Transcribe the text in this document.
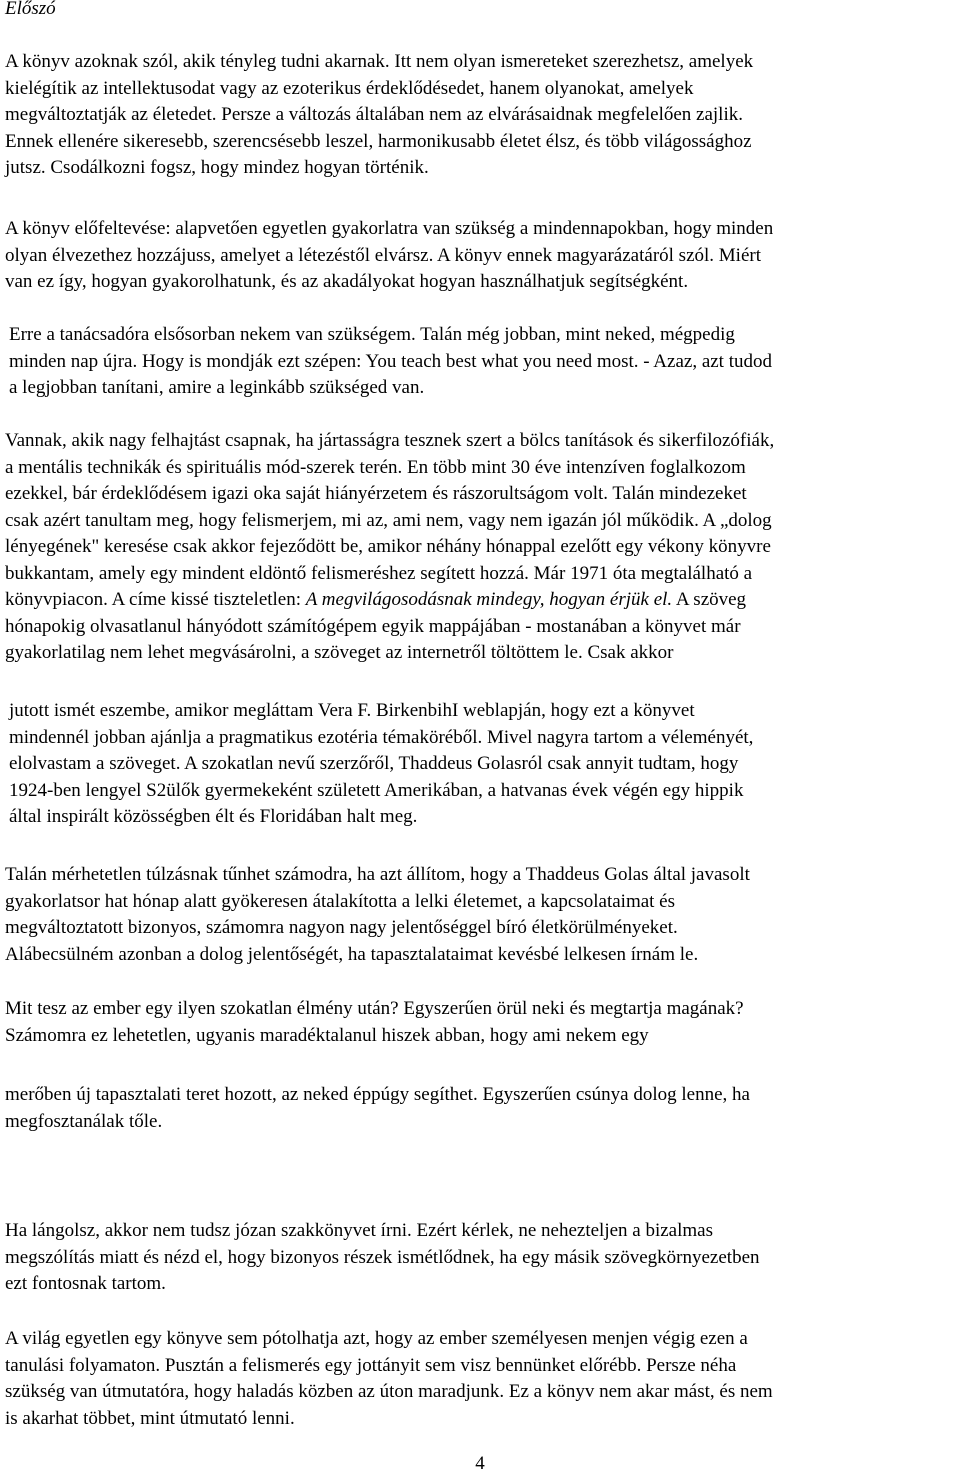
Előszó
A könyv azoknak szól, akik tényleg tudni akarnak. Itt nem olyan ismereteket szerezhetsz, amelyek
kielégítik az intellektusodat vagy az ezoterikus érdeklődésedet, hanem olyanokat, amelyek
megváltoztatják az életedet. Persze a változás általában nem az elvárásaidnak megfelelően zajlik.
Ennek ellenére sikeresebb, szerencsésebb leszel, harmonikusabb életet élsz, és több világossághoz
jutsz. Csodálkozni fogsz, hogy mindez hogyan történik.
A könyv előfeltevése: alapvetően egyetlen gyakorlatra van szükség a mindennapokban, hogy minden
olyan élvezethez hozzájuss, amelyet a létezéstől elvársz. A könyv ennek magyarázatáról szól. Miért
van ez így, hogyan gyakorolhatunk, és az akadályokat hogyan használhatjuk segítségként.
Erre a tanácsadóra elsősorban nekem van szükségem. Talán még jobban, mint neked, mégpedig
minden nap újra. Hogy is mondják ezt szépen: You teach best what you need most. - Azaz, azt tudod
a legjobban tanítani, amire a leginkább szükséged van.
Vannak, akik nagy felhajtást csapnak, ha jártasságra tesznek szert a bölcs tanítások és sikerfilozófiák,
a mentális technikák és spirituális mód-szerek terén. En több mint 30 éve intenzíven foglalkozom
ezekkel, bár érdeklődésem igazi oka saját hiányérzetem és rászorultságom volt. Talán mindezeket
csak azért tanultam meg, hogy felismerjem, mi az, ami nem, vagy nem igazán jól működik. A „dolog
lényegének" keresése csak akkor fejeződött be, amikor néhány hónappal ezelőtt egy vékony könyvre
bukkantam, amely egy mindent eldöntő felismeréshez segített hozzá. Már 1971 óta megtalálható a
könyvpiacon. A címe kissé tiszteletlen: A megvilágosodásnak mindegy, hogyan érjük el. A szöveg
hónapokig olvasatlanul hányódott számítógépem egyik mappájában - mostanában a könyvet már
gyakorlatilag nem lehet megvásárolni, a szöveget az internetről töltöttem le. Csak akkor
jutott ismét eszembe, amikor megláttam Vera F. BirkenbihI weblapján, hogy ezt a könyvet
mindennél jobban ajánlja a pragmatikus ezotéria témaköréből. Mivel nagyra tartom a véleményét,
elolvastam a szöveget. A szokatlan nevű szerzőről, Thaddeus Golasról csak annyit tudtam, hogy
1924-ben lengyel S2ülők gyermekeként született Amerikában, a hatvanas évek végén egy hippik
által inspirált közösségben élt és Floridában halt meg.
Talán mérhetetlen túlzásnak tűnhet számodra, ha azt állítom, hogy a Thaddeus Golas által javasolt
gyakorlatsor hat hónap alatt gyökeresen átalakította a lelki életemet, a kapcsolataimat és
megváltoztatott bizonyos, számomra nagyon nagy jelentőséggel bíró életkörülményeket.
Alábecsülném azonban a dolog jelentőségét, ha tapasztalataimat kevésbé lelkesen írnám le.
Mit tesz az ember egy ilyen szokatlan élmény után? Egyszerűen örül neki és megtartja magának?
Számomra ez lehetetlen, ugyanis maradéktalanul hiszek abban, hogy ami nekem egy
merőben új tapasztalati teret hozott, az neked éppúgy segíthet. Egyszerűen csúnya dolog lenne, ha
megfosztanálak tőle.
Ha lángolsz, akkor nem tudsz józan szakkönyvet írni. Ezért kérlek, ne nehezteljen a bizalmas
megszólítás miatt és nézd el, hogy bizonyos részek ismétlődnek, ha egy másik szövegkörnyezetben
ezt fontosnak tartom.
A világ egyetlen egy könyve sem pótolhatja azt, hogy az ember személyesen menjen végig ezen a
tanulási folyamaton. Pusztán a felismerés egy jottányit sem visz bennünket előrébb. Persze néha
szükség van útmutatóra, hogy haladás közben az úton maradjunk. Ez a könyv nem akar mást, és nem
is akarhat többet, mint útmutató lenni.
4
